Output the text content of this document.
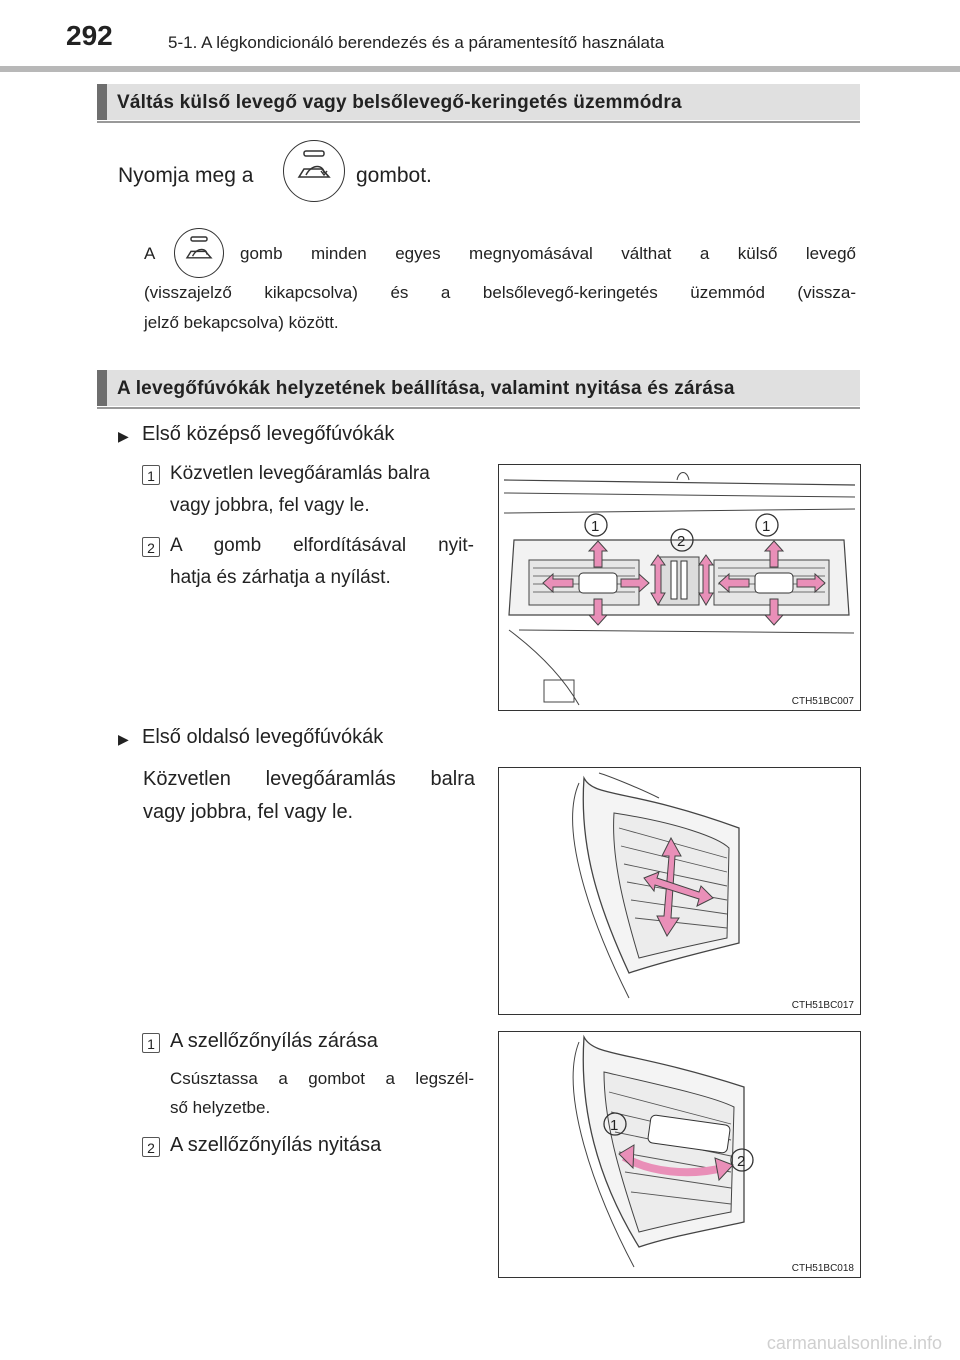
292	5-1. A légkondicionáló berendezés és a páramentesítő használata
Váltás külső levegő vagy belsőlevegő-keringetés üzemmódra
Nyomja meg a	gombot.
A	gomb minden egyes megnyomásával válthat a külső levegő
(visszajelző kikapcsolva) és a belsőlevegő-keringetés üzemmód (vissza-
jelző bekapcsolva) között.
A levegőfúvókák helyzetének beállítása, valamint nyitása és zárása
▶ Első középső levegőfúvókák
1 Közvetlen levegőáramlás balra
vagy jobbra, fel vagy le.
2 A gomb elfordításával nyit-
hatja és zárhatja a nyílást.
1
2
1
CTH51BC007
▶ Első oldalsó levegőfúvókák
Közvetlen levegőáramlás balra
vagy jobbra, fel vagy le.
CTH51BC017
1 A szellőzőnyílás zárása
Csúsztassa a gombot a legszél-
ső helyzetbe.
2 A szellőzőnyílás nyitása
1
2
CTH51BC018
carmanualsonline.info
